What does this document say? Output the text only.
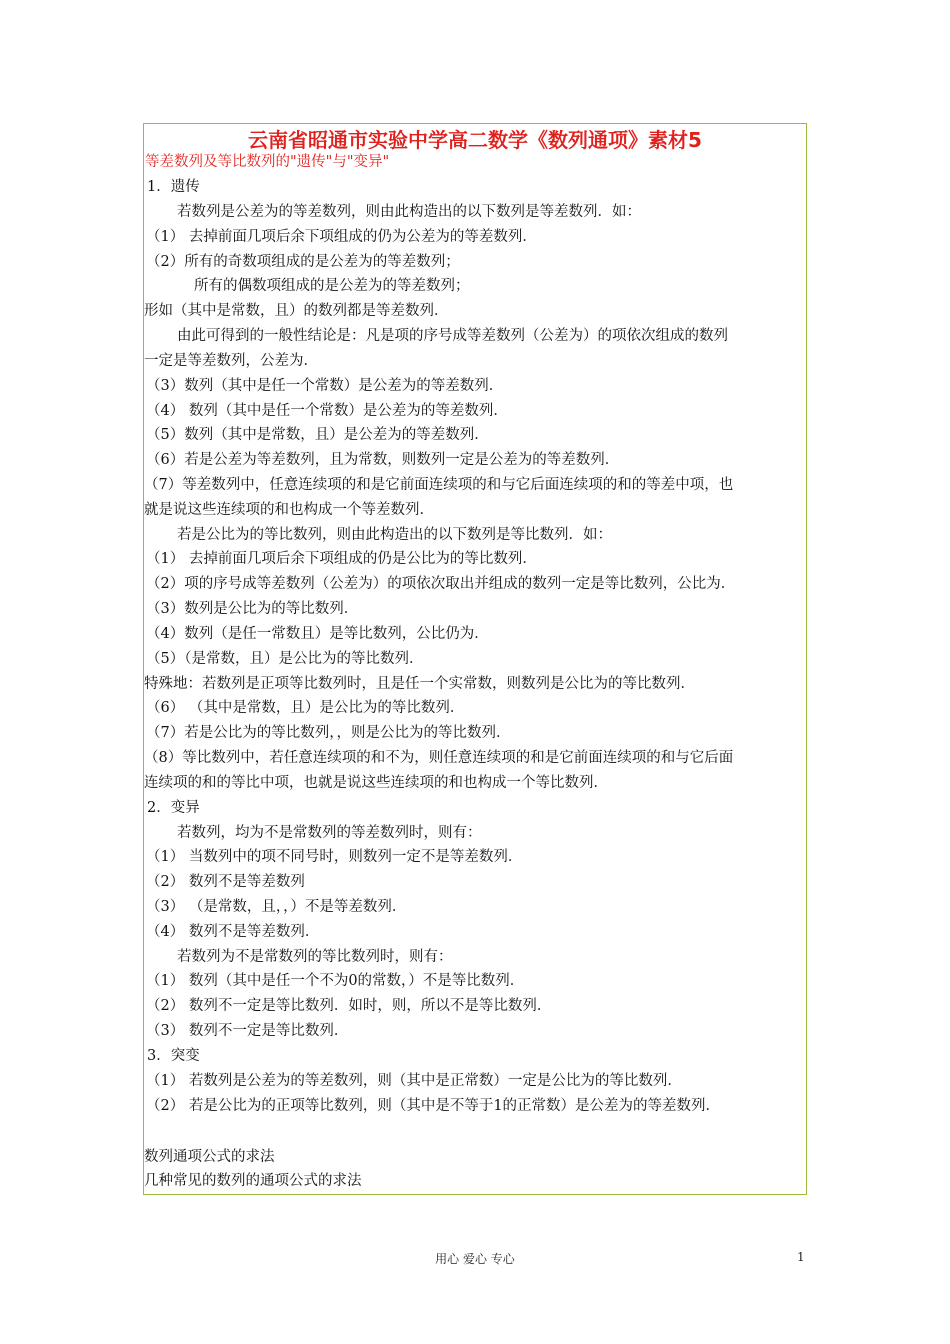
云南省昭通市实验中学高二数学《数列通项》素材5
等差数列及等比数列的"遗传"与"变异"
1．遗传
若数列是公差为的等差数列，则由此构造出的以下数列是等差数列．如：
（1） 去掉前面几项后余下项组成的仍为公差为的等差数列．
（2）所有的奇数项组成的是公差为的等差数列；
所有的偶数项组成的是公差为的等差数列；
形如（其中是常数，且）的数列都是等差数列．
由此可得到的一般性结论是：凡是项的序号成等差数列（公差为）的项依次组成的数列
一定是等差数列，公差为．
（3）数列（其中是任一个常数）是公差为的等差数列．
（4） 数列（其中是任一个常数）是公差为的等差数列．
（5）数列（其中是常数，且）是公差为的等差数列．
（6）若是公差为等差数列，且为常数，则数列一定是公差为的等差数列．
（7）等差数列中，任意连续项的和是它前面连续项的和与它后面连续项的和的等差中项，也
就是说这些连续项的和也构成一个等差数列．
若是公比为的等比数列，则由此构造出的以下数列是等比数列．如：
（1） 去掉前面几项后余下项组成的仍是公比为的等比数列．
（2）项的序号成等差数列（公差为）的项依次取出并组成的数列一定是等比数列，公比为．
（3）数列是公比为的等比数列．
（4）数列（是任一常数且）是等比数列，公比仍为．
（5）（是常数，且）是公比为的等比数列．
特殊地：若数列是正项等比数列时，且是任一个实常数，则数列是公比为的等比数列．
（6） （其中是常数，且）是公比为的等比数列．
（7）若是公比为的等比数列，，则是公比为的等比数列．
（8）等比数列中，若任意连续项的和不为，则任意连续项的和是它前面连续项的和与它后面
连续项的和的等比中项，也就是说这些连续项的和也构成一个等比数列．
2．变异
若数列，均为不是常数列的等差数列时，则有：
（1） 当数列中的项不同号时，则数列一定不是等差数列．
（2） 数列不是等差数列
（3） （是常数，且，，）不是等差数列．
（4） 数列不是等差数列．
若数列为不是常数列的等比数列时，则有：
（1） 数列（其中是任一个不为0的常数，）不是等比数列．
（2） 数列不一定是等比数列．如时，则，所以不是等比数列．
（3） 数列不一定是等比数列．
3．突变
（1） 若数列是公差为的等差数列，则（其中是正常数）一定是公比为的等比数列．
（2） 若是公比为的正项等比数列，则（其中是不等于1的正常数）是公差为的等差数列．
数列通项公式的求法
几种常见的数列的通项公式的求法
用心 爱心 专心	1
